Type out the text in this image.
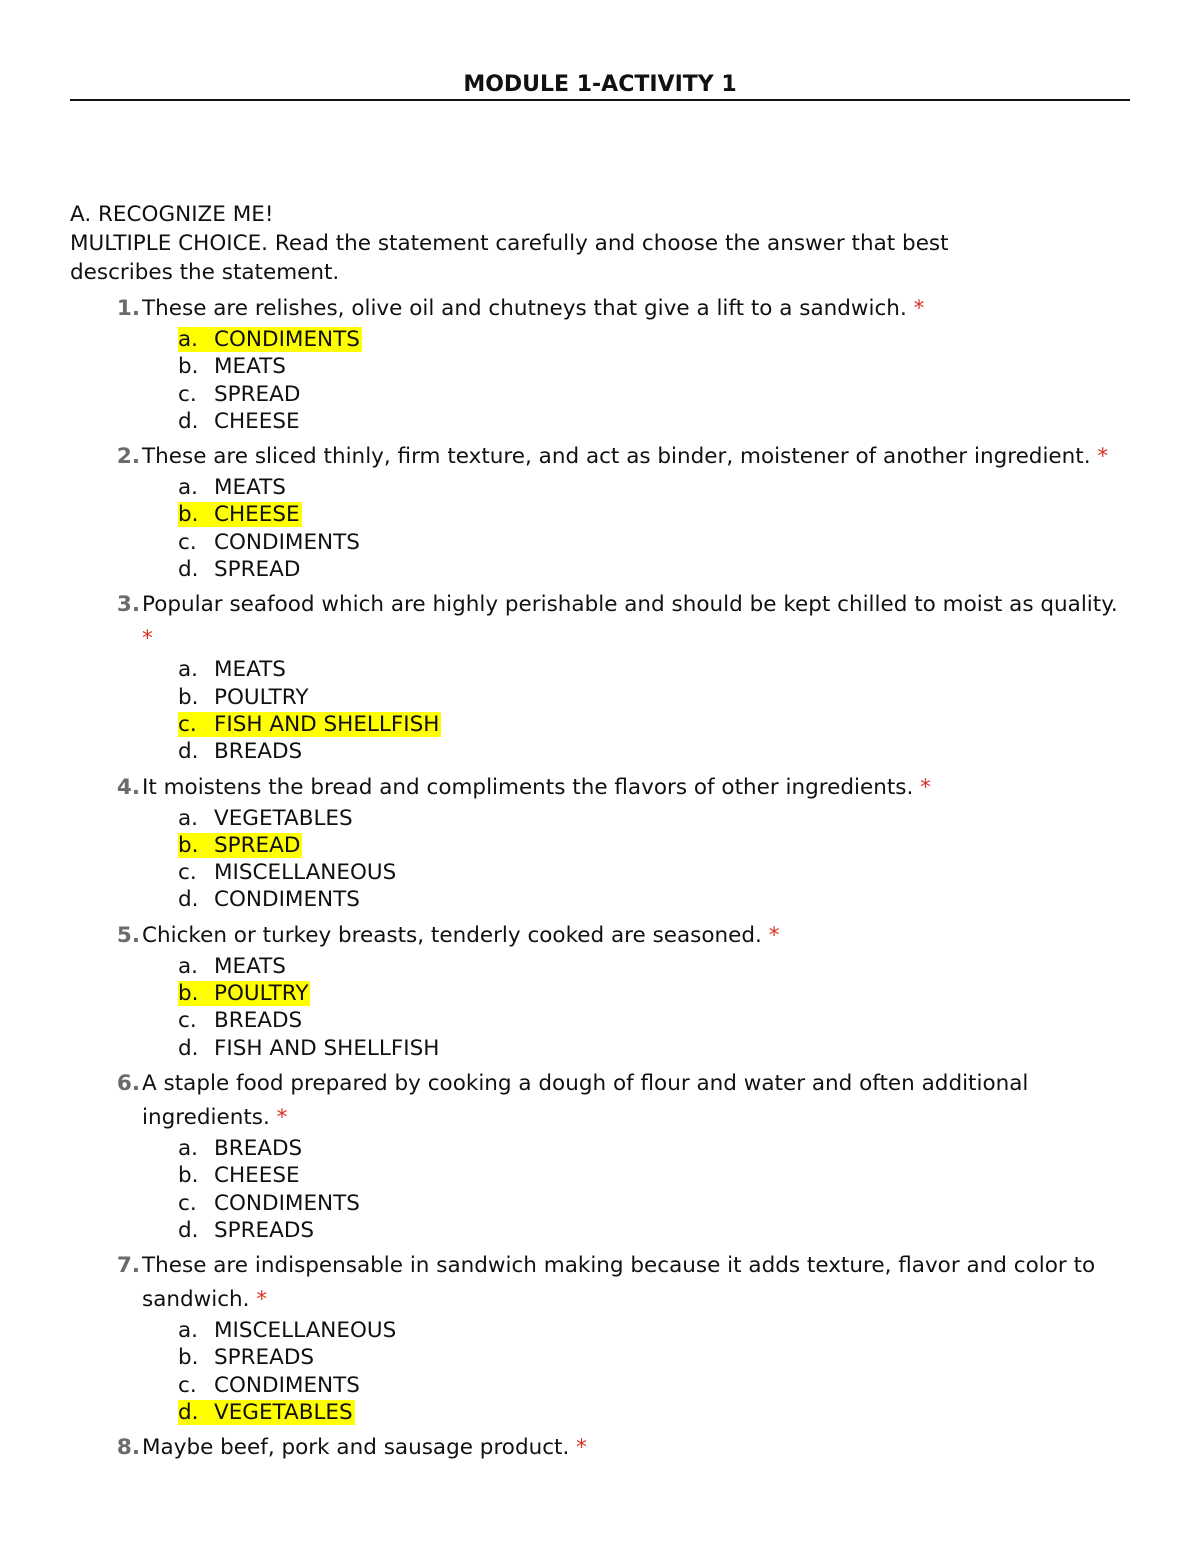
MODULE 1-ACTIVITY 1
A. RECOGNIZE ME!
MULTIPLE CHOICE. Read the statement carefully and choose the answer that best
describes the statement.
1. These are relishes, olive oil and chutneys that give a lift to a sandwich. *
a. CONDIMENTS
b. MEATS
c. SPREAD
d. CHEESE
2. These are sliced thinly, firm texture, and act as binder, moistener of another ingredient. *
a. MEATS
b. CHEESE
c. CONDIMENTS
d. SPREAD
3. Popular seafood which are highly perishable and should be kept chilled to moist as quality. *
a. MEATS
b. POULTRY
c. FISH AND SHELLFISH
d. BREADS
4. It moistens the bread and compliments the flavors of other ingredients. *
a. VEGETABLES
b. SPREAD
c. MISCELLANEOUS
d. CONDIMENTS
5. Chicken or turkey breasts, tenderly cooked are seasoned. *
a. MEATS
b. POULTRY
c. BREADS
d. FISH AND SHELLFISH
6. A staple food prepared by cooking a dough of flour and water and often additional ingredients. *
a. BREADS
b. CHEESE
c. CONDIMENTS
d. SPREADS
7. These are indispensable in sandwich making because it adds texture, flavor and color to sandwich. *
a. MISCELLANEOUS
b. SPREADS
c. CONDIMENTS
d. VEGETABLES
8. Maybe beef, pork and sausage product. *
